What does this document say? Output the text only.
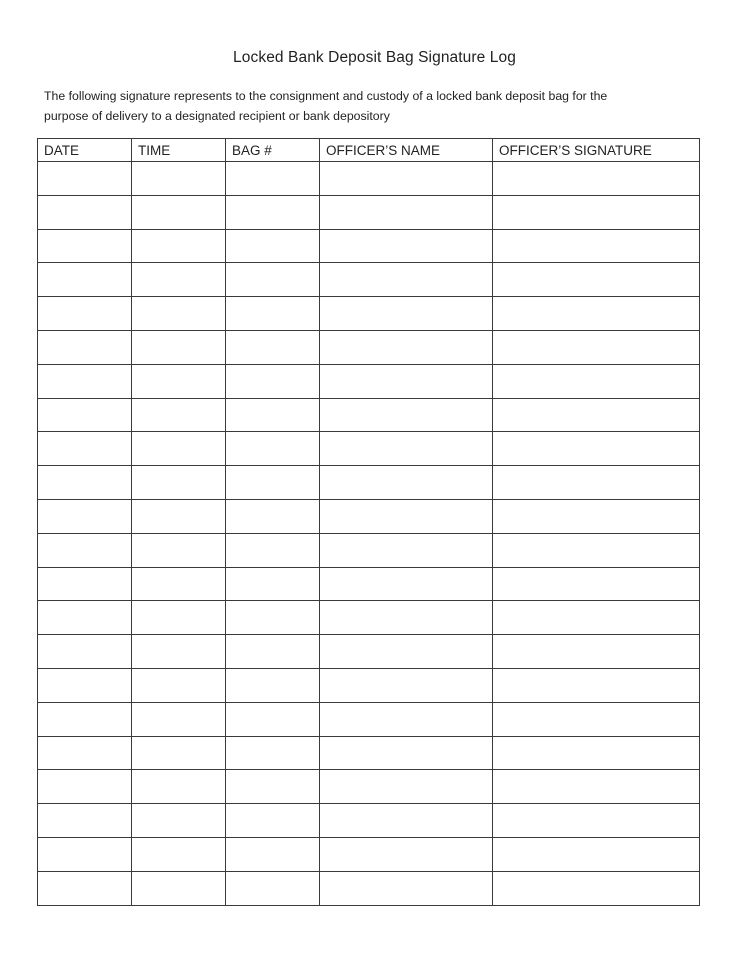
Locked Bank Deposit Bag Signature Log
The following signature represents to the consignment and custody of a locked bank deposit bag for the
purpose of delivery to a designated recipient or bank depository
DATE	TIME	BAG #	OFFICER’S NAME	OFFICER’S SIGNATURE
